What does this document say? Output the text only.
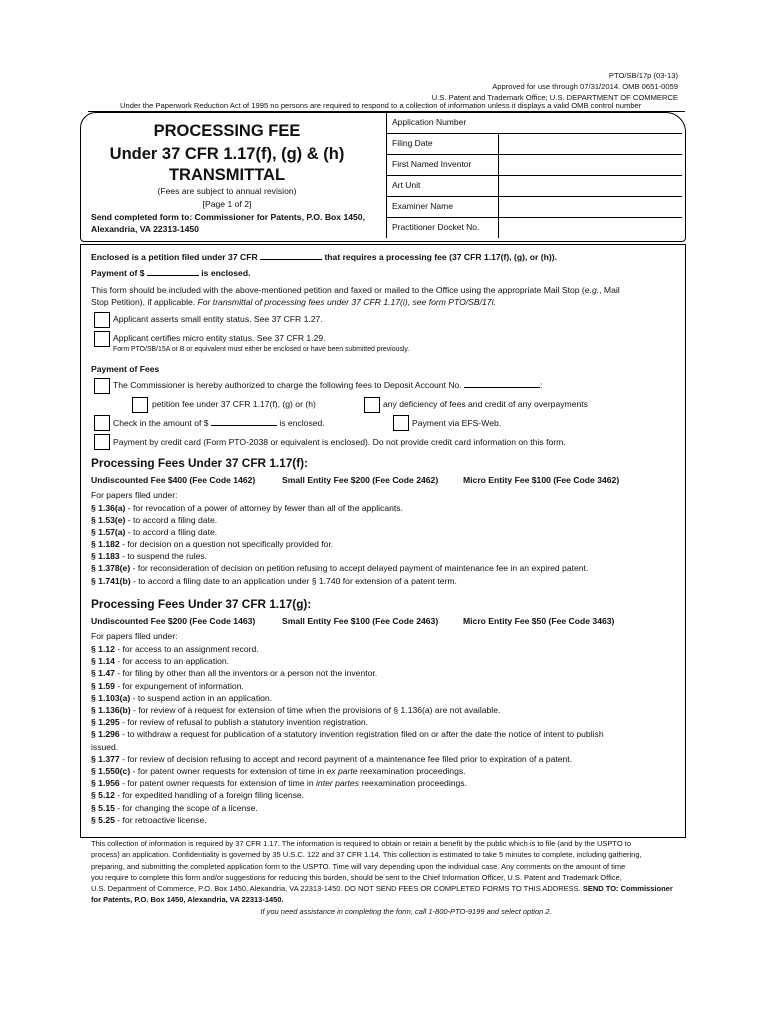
PTO/SB/17p (03-13)
Approved for use through 07/31/2014. OMB 0651-0059
U.S. Patent and Trademark Office; U.S. DEPARTMENT OF COMMERCE
Under the Paperwork Reduction Act of 1995 no persons are required to respond to a collection of information unless it displays a valid OMB control number
PROCESSING FEE
Under 37 CFR 1.17(f), (g) & (h)
TRANSMITTAL
(Fees are subject to annual revision)
[Page 1 of 2]
Send completed form to: Commissioner for Patents, P.O. Box 1450,
Alexandria, VA 22313-1450
Application Number
Filing Date
First Named Inventor
Art Unit
Examiner Name
Practitioner Docket No.
Enclosed is a petition filed under 37 CFR	that requires a processing fee (37 CFR 1.17(f), (g), or (h)).
Payment of $	is enclosed.
This form should be included with the above-mentioned petition and faxed or mailed to the Office using the appropriate Mail Stop (e.g., Mail
Stop Petition), if applicable. For transmittal of processing fees under 37 CFR 1.17(i), see form PTO/SB/17i.
Applicant asserts small entity status. See 37 CFR 1.27.
Applicant certifies micro entity status. See 37 CFR 1.29.
Form PTO/SB/15A or B or equivalent must either be enclosed or have been submitted previously.
Payment of Fees
The Commissioner is hereby authorized to charge the following fees to Deposit Account No.	:
petition fee under 37 CFR 1.17(f), (g) or (h)	any deficiency of fees and credit of any overpayments
Check in the amount of $	is enclosed.	Payment via EFS-Web.
Payment by credit card (Form PTO-2038 or equivalent is enclosed). Do not provide credit card information on this form.
Processing Fees Under 37 CFR 1.17(f):
Undiscounted Fee $400 (Fee Code 1462)	Small Entity Fee $200 (Fee Code 2462)	Micro Entity Fee $100 (Fee Code 3462)
For papers filed under:
§ 1.36(a) - for revocation of a power of attorney by fewer than all of the applicants.
§ 1.53(e) - to accord a filing date.
§ 1.57(a) - to accord a filing date.
§ 1.182 - for decision on a question not specifically provided for.
§ 1.183 - to suspend the rules.
§ 1.378(e) - for reconsideration of decision on petition refusing to accept delayed payment of maintenance fee in an expired patent.
§ 1.741(b) - to accord a filing date to an application under § 1.740 for extension of a patent term.
Processing Fees Under 37 CFR 1.17(g):
Undiscounted Fee $200 (Fee Code 1463)	Small Entity Fee $100 (Fee Code 2463)	Micro Entity Fee $50 (Fee Code 3463)
For papers filed under:
§ 1.12 - for access to an assignment record.
§ 1.14 - for access to an application.
§ 1.47 - for filing by other than all the inventors or a person not the inventor.
§ 1.59 - for expungement of information.
§ 1.103(a) - to suspend action in an application.
§ 1.136(b) - for review of a request for extension of time when the provisions of § 1.136(a) are not available.
§ 1.295 - for review of refusal to publish a statutory invention registration.
§ 1.296 - to withdraw a request for publication of a statutory invention registration filed on or after the date the notice of intent to publish
issued.
§ 1.377 - for review of decision refusing to accept and record payment of a maintenance fee filed prior to expiration of a patent.
§ 1.550(c) - for patent owner requests for extension of time in ex parte reexamination proceedings.
§ 1.956 - for patent owner requests for extension of time in inter partes reexamination proceedings.
§ 5.12 - for expedited handling of a foreign filing license.
§ 5.15 - for changing the scope of a license.
§ 5.25 - for retroactive license.
This collection of information is required by 37 CFR 1.17. The information is required to obtain or retain a benefit by the public which is to file (and by the USPTO to
process) an application. Confidentiality is governed by 35 U.S.C. 122 and 37 CFR 1.14. This collection is estimated to take 5 minutes to complete, including gathering,
preparing, and submitting the completed application form to the USPTO. Time will vary depending upon the individual case. Any comments on the amount of time
you require to complete this form and/or suggestions for reducing this burden, should be sent to the Chief Information Officer, U.S. Patent and Trademark Office,
U.S. Department of Commerce, P.O. Box 1450, Alexandria, VA 22313-1450. DO NOT SEND FEES OR COMPLETED FORMS TO THIS ADDRESS. SEND TO: Commissioner
for Patents, P.O. Box 1450, Alexandria, VA 22313-1450.
If you need assistance in completing the form, call 1-800-PTO-9199 and select option 2.
